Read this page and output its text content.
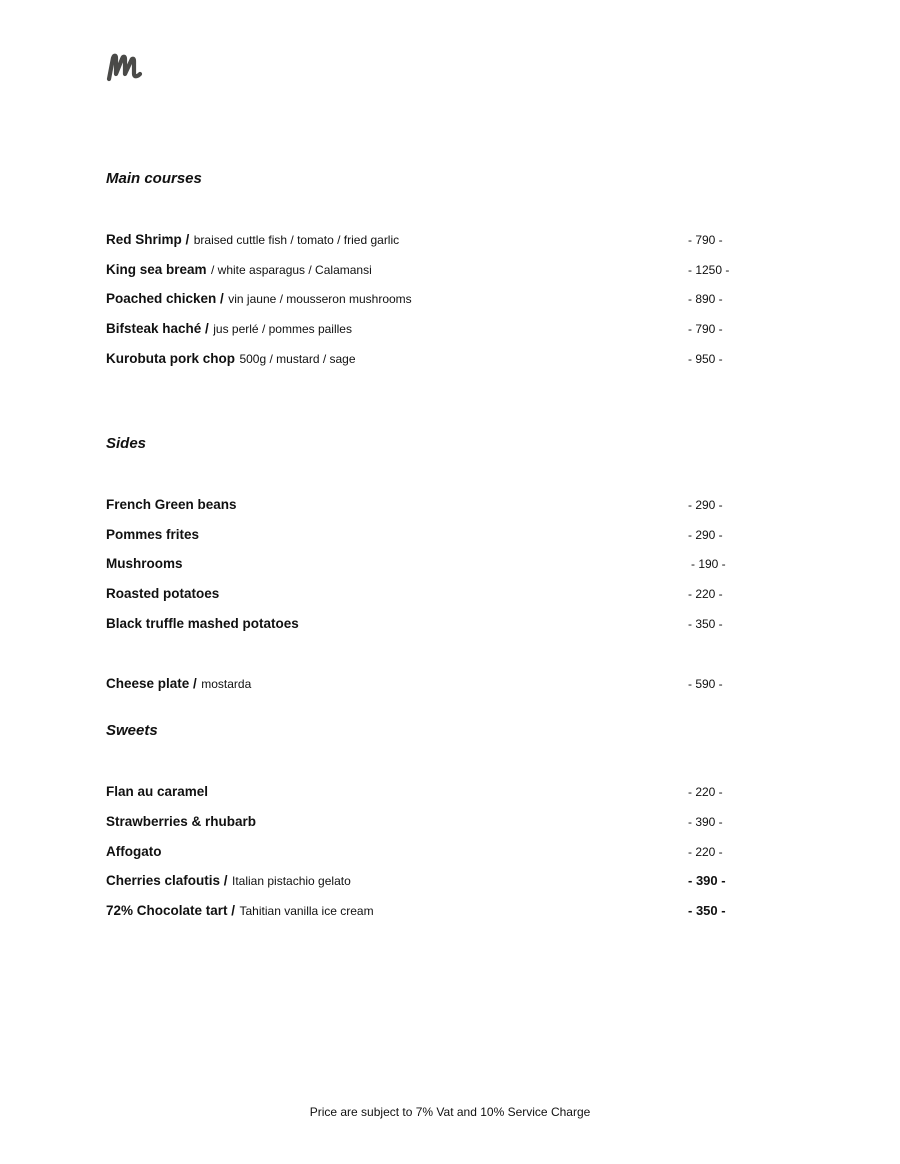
Main courses
Red Shrimp / braised cuttle fish / tomato / fried garlic	- 790 -
King sea bream / white asparagus / Calamansi	- 1250 -
Poached chicken / vin jaune / mousseron mushrooms	- 890 -
Bifsteak haché / jus perlé / pommes pailles	- 790 -
Kurobuta pork chop 500g / mustard / sage	- 950 -
Sides
French Green beans	- 290 -
Pommes frites	- 290 -
Mushrooms	- 190 -
Roasted potatoes	- 220 -
Black truffle mashed potatoes	- 350 -
Cheese plate / mostarda	- 590 -
Sweets
Flan au caramel	- 220 -
Strawberries & rhubarb	- 390 -
Affogato	- 220 -
Cherries clafoutis / Italian pistachio gelato	- 390 -
72% Chocolate tart / Tahitian vanilla ice cream	- 350 -
Price are subject to 7% Vat and 10% Service Charge
